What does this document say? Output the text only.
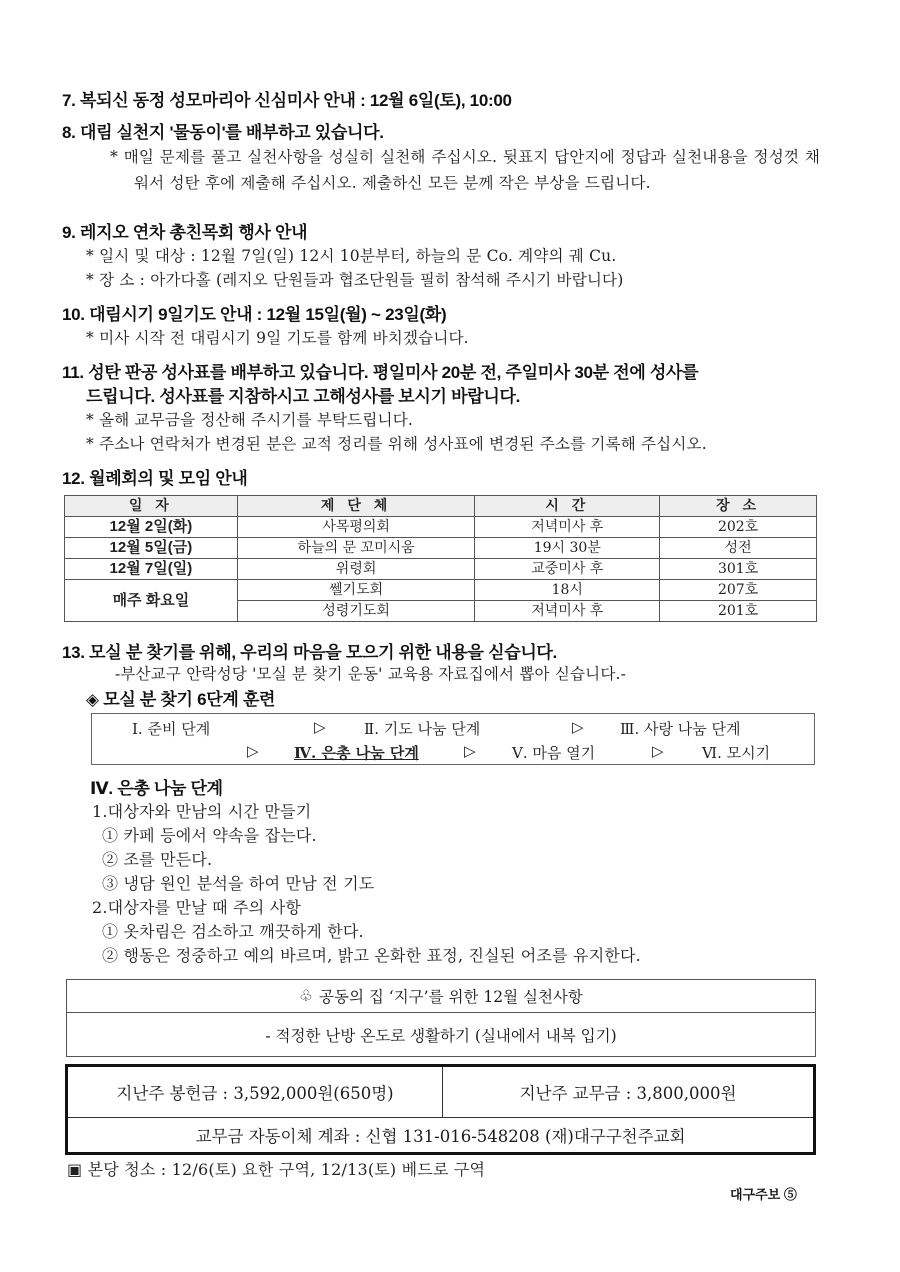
7. 복되신 동정 성모마리아 신심미사 안내 : 12월 6일(토), 10:00
8. 대림 실천지 '물동이'를 배부하고 있습니다.
* 매일 문제를 풀고 실천사항을 성실히 실천해 주십시오. 뒷표지 답안지에 정답과 실천내용을 정성껏 채워서 성탄 후에 제출해 주십시오. 제출하신 모든 분께 작은 부상을 드립니다.
9. 레지오 연차 총친목회 행사 안내
* 일시 및 대상 : 12월 7일(일) 12시 10분부터, 하늘의 문 Co. 계약의 궤 Cu.
* 장 소 : 아가다홀 (레지오 단원들과 협조단원들 필히 참석해 주시기 바랍니다)
10. 대림시기 9일기도 안내 : 12월 15일(월) ~ 23일(화)
* 미사 시작 전 대림시기 9일 기도를 함께 바치겠습니다.
11. 성탄 판공 성사표를 배부하고 있습니다. 평일미사 20분 전, 주일미사 30분 전에 성사를
드립니다. 성사표를 지참하시고 고해성사를 보시기 바랍니다.
* 올해 교무금을 정산해 주시기를 부탁드립니다.
* 주소나 연락처가 변경된 분은 교적 정리를 위해 성사표에 변경된 주소를 기록해 주십시오.
12. 월례회의 및 모임 안내
일 자	제 단 체	시 간	장 소
12월 2일(화)	사목평의회	저녁미사 후	202호
12월 5일(금)	하늘의 문 꼬미시움	19시 30분	성전
12월 7일(일)	위령회	교중미사 후	301호
매주 화요일	쎌기도회	18시	207호
	성령기도회	저녁미사 후	201호
13. 모실 분 찾기를 위해, 우리의 마음을 모으기 위한 내용을 싣습니다.
-부산교구 안락성당 '모실 분 찾기 운동' 교육용 자료집에서 뽑아 싣습니다.-
◈ 모실 분 찾기 6단계 훈련
Ⅰ. 준비 단계	▷	Ⅱ. 기도 나눔 단계	▷ Ⅲ. 사랑 나눔 단계
▷ Ⅳ. 은총 나눔 단계	▷ Ⅴ. 마음 열기	▷	Ⅵ. 모시기
Ⅳ. 은총 나눔 단계
1.대상자와 만남의 시간 만들기
① 카페 등에서 약속을 잡는다.
② 조를 만든다.
③ 냉담 원인 분석을 하여 만남 전 기도
2.대상자를 만날 때 주의 사항
① 옷차림은 검소하고 깨끗하게 한다.
② 행동은 정중하고 예의 바르며, 밝고 온화한 표정, 진실된 어조를 유지한다.
♧ 공동의 집 ‘지구’를 위한 12월 실천사항
- 적정한 난방 온도로 생활하기 (실내에서 내복 입기)
지난주 봉헌금 : 3,592,000원(650명)	지난주 교무금 : 3,800,000원
교무금 자동이체 계좌 : 신협 131-016-548208 (재)대구구천주교회
▣ 본당 청소 : 12/6(토) 요한 구역, 12/13(토) 베드로 구역
대구주보 ⑤
